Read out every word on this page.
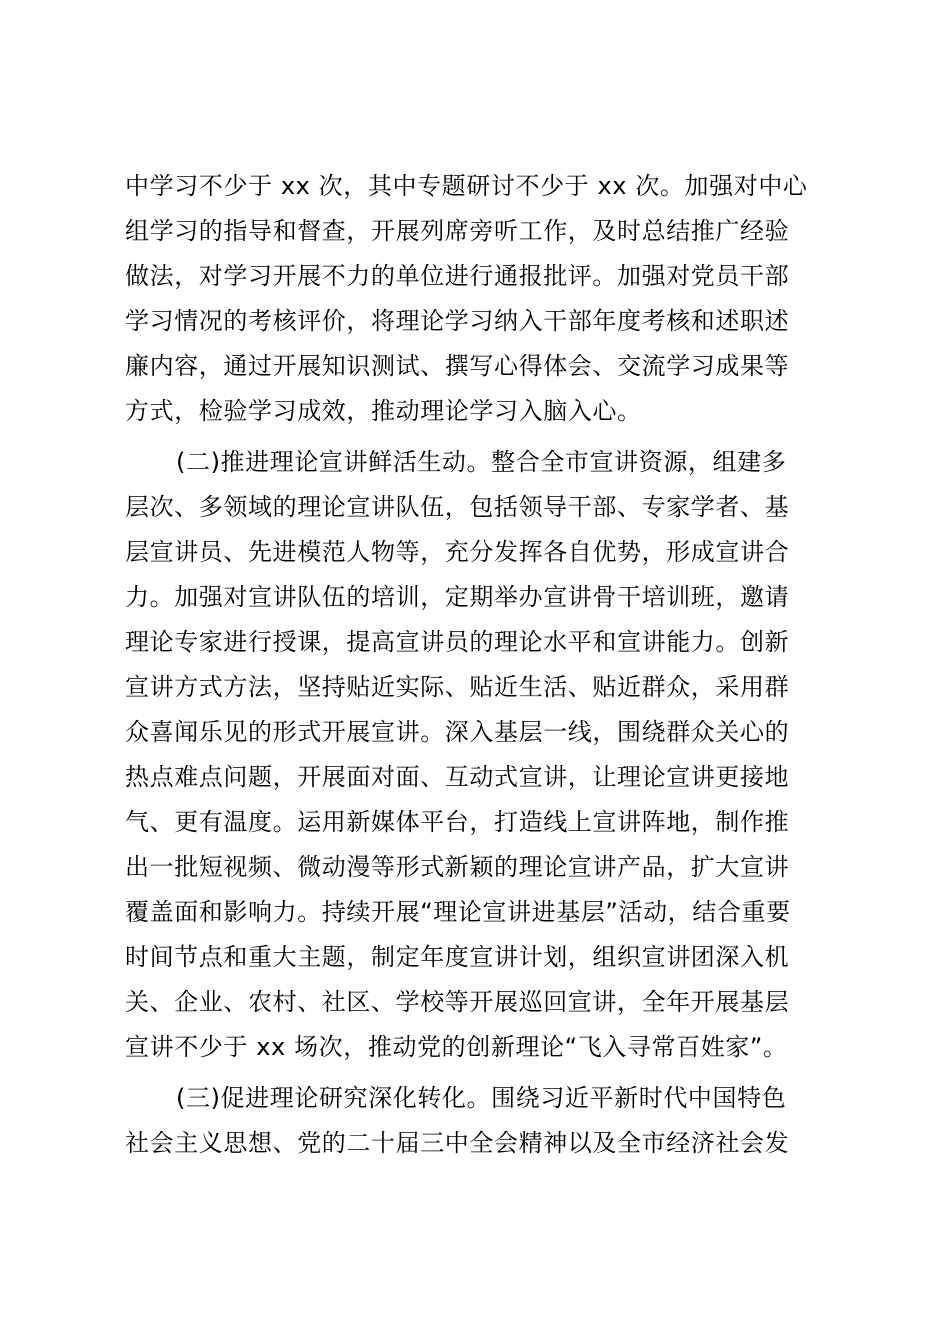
中学习不少于 xx 次，其中专题研讨不少于 xx 次。加强对中心
组学习的指导和督查，开展列席旁听工作，及时总结推广经验
做法，对学习开展不力的单位进行通报批评。加强对党员干部
学习情况的考核评价，将理论学习纳入干部年度考核和述职述
廉内容，通过开展知识测试、撰写心得体会、交流学习成果等
方式，检验学习成效，推动理论学习入脑入心。
(二)推进理论宣讲鲜活生动。整合全市宣讲资源，组建多
层次、多领域的理论宣讲队伍，包括领导干部、专家学者、基
层宣讲员、先进模范人物等，充分发挥各自优势，形成宣讲合
力。加强对宣讲队伍的培训，定期举办宣讲骨干培训班，邀请
理论专家进行授课，提高宣讲员的理论水平和宣讲能力。创新
宣讲方式方法，坚持贴近实际、贴近生活、贴近群众，采用群
众喜闻乐见的形式开展宣讲。深入基层一线，围绕群众关心的
热点难点问题，开展面对面、互动式宣讲，让理论宣讲更接地
气、更有温度。运用新媒体平台，打造线上宣讲阵地，制作推
出一批短视频、微动漫等形式新颖的理论宣讲产品，扩大宣讲
覆盖面和影响力。持续开展“理论宣讲进基层”活动，结合重要
时间节点和重大主题，制定年度宣讲计划，组织宣讲团深入机
关、企业、农村、社区、学校等开展巡回宣讲，全年开展基层
宣讲不少于 xx 场次，推动党的创新理论“飞入寻常百姓家”。
(三)促进理论研究深化转化。围绕习近平新时代中国特色
社会主义思想、党的二十届三中全会精神以及全市经济社会发
